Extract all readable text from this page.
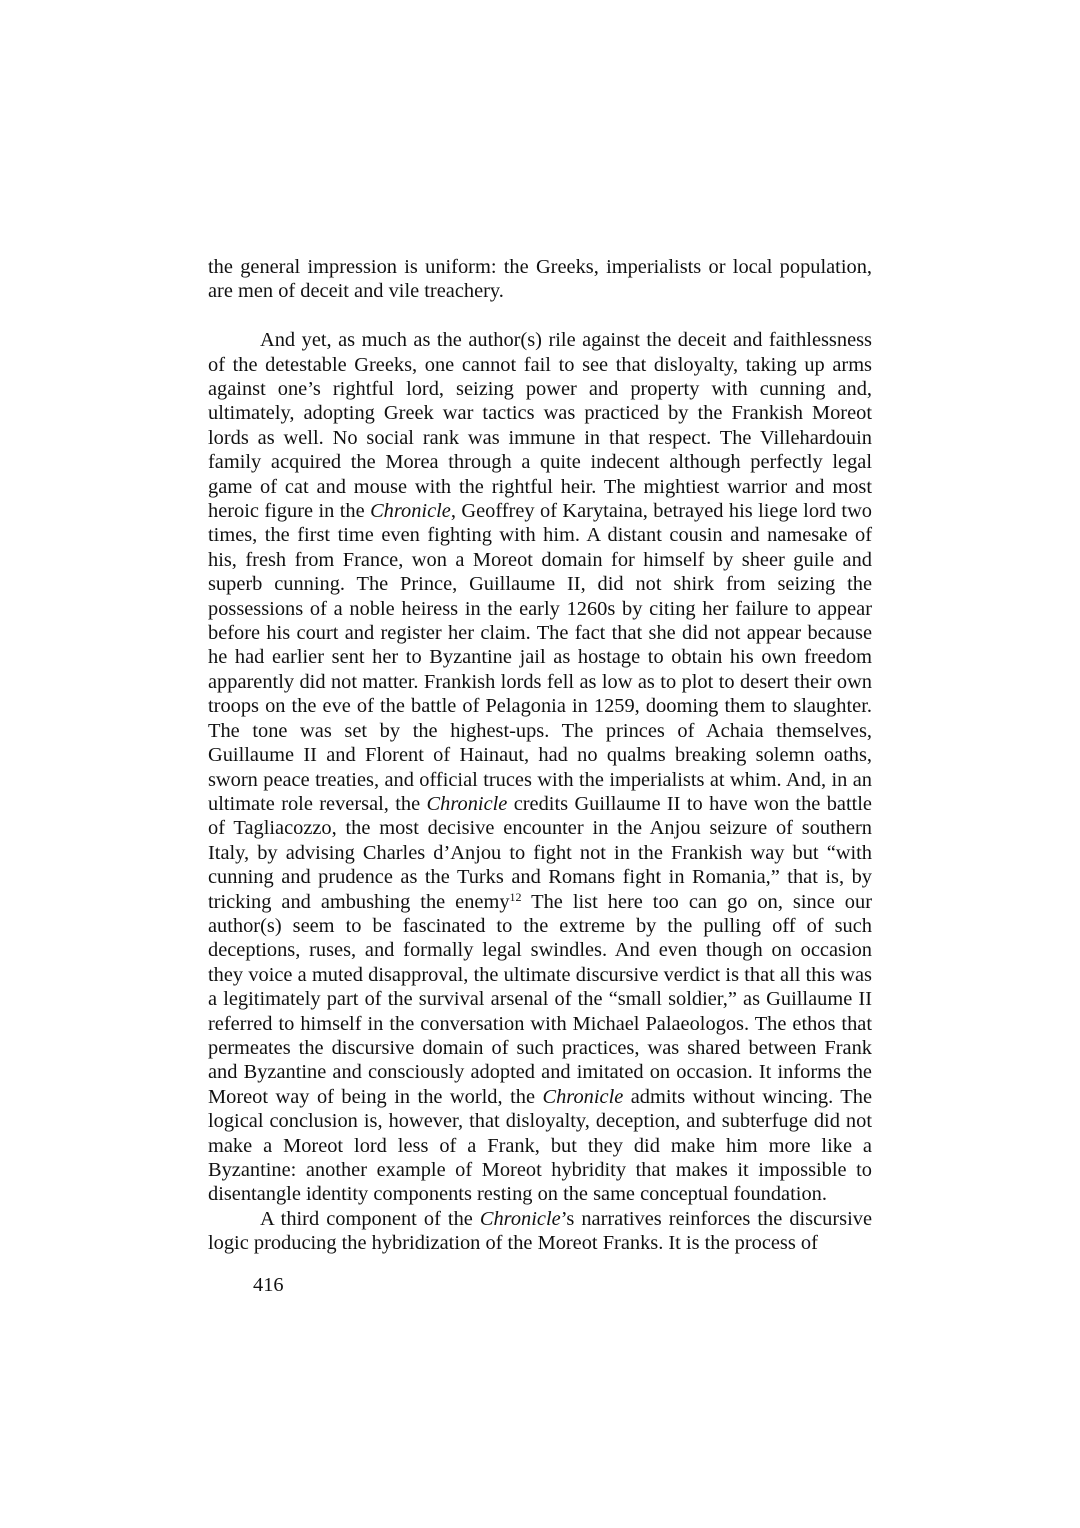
the general impression is uniform: the Greeks, imperialists or local population, are men of deceit and vile treachery.

And yet, as much as the author(s) rile against the deceit and faithlessness of the detestable Greeks, one cannot fail to see that disloyalty, taking up arms against one’s rightful lord, seizing power and property with cunning and, ultimately, adopting Greek war tactics was practiced by the Frankish Moreot lords as well. No social rank was immune in that respect. The Villehardouin family acquired the Morea through a quite indecent although perfectly legal game of cat and mouse with the rightful heir. The mightiest warrior and most heroic figure in the Chronicle, Geoffrey of Karytaina, betrayed his liege lord two times, the first time even fighting with him. A distant cousin and namesake of his, fresh from France, won a Moreot domain for himself by sheer guile and superb cunning. The Prince, Guillaume II, did not shirk from seizing the possessions of a noble heiress in the early 1260s by citing her failure to appear before his court and register her claim. The fact that she did not appear because he had earlier sent her to Byzantine jail as hostage to obtain his own freedom apparently did not matter. Frankish lords fell as low as to plot to desert their own troops on the eve of the battle of Pelagonia in 1259, dooming them to slaughter. The tone was set by the highest-ups. The princes of Achaia themselves, Guillaume II and Florent of Hainaut, had no qualms breaking solemn oaths, sworn peace treaties, and official truces with the imperialists at whim. And, in an ultimate role reversal, the Chronicle credits Guillaume II to have won the battle of Tagliacozzo, the most decisive encounter in the Anjou seizure of southern Italy, by advising Charles d’Anjou to fight not in the Frankish way but “with cunning and prudence as the Turks and Romans fight in Romania,” that is, by tricking and ambushing the enemy$^{12}$ The list here too can go on, since our author(s) seem to be fascinated to the extreme by the pulling off of such deceptions, ruses, and formally legal swindles. And even though on occasion they voice a muted disapproval, the ultimate discursive verdict is that all this was a legitimately part of the survival arsenal of the “small soldier,” as Guillaume II referred to himself in the conversation with Michael Palaeologos. The ethos that permeates the discursive domain of such practices, was shared between Frank and Byzantine and consciously adopted and imitated on occasion. It informs the Moreot way of being in the world, the Chronicle admits without wincing. The logical conclusion is, however, that disloyalty, deception, and subterfuge did not make a Moreot lord less of a Frank, but they did make him more like a Byzantine: another example of Moreot hybridity that makes it impossible to disentangle identity components resting on the same conceptual foundation.

A third component of the Chronicle’s narratives reinforces the discursive logic producing the hybridization of the Moreot Franks. It is the process of

416
